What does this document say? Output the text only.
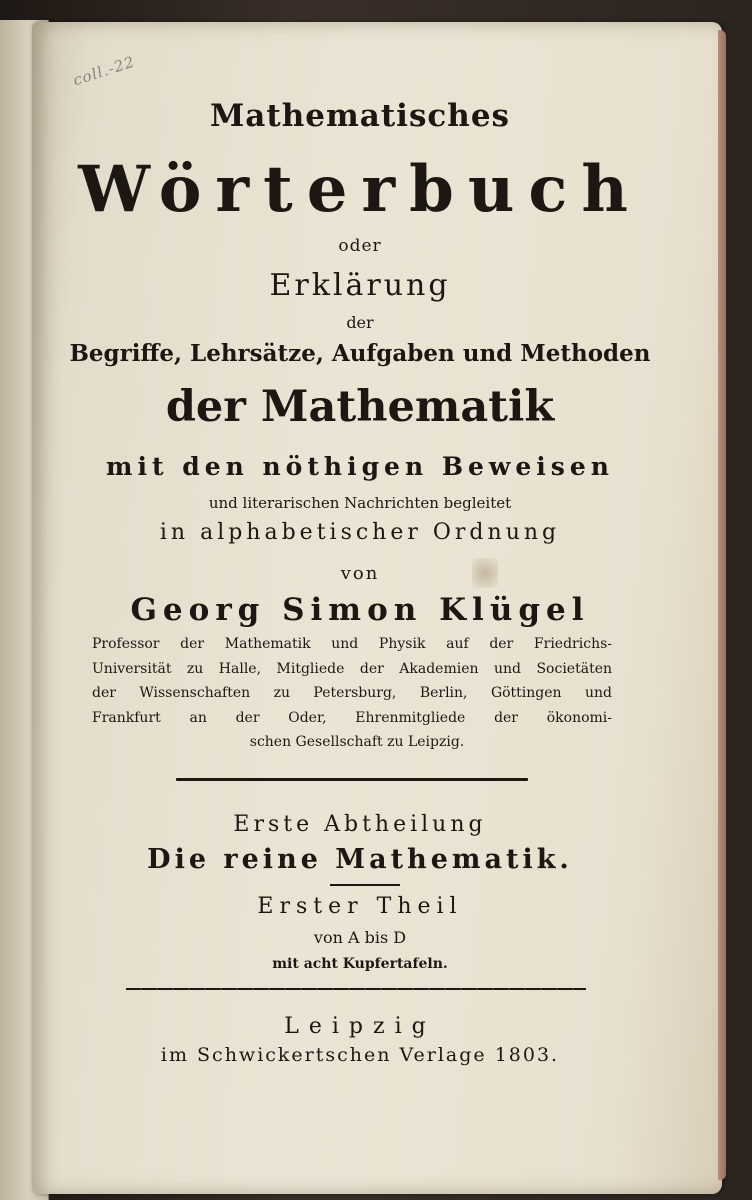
coll.-22
Mathematisches
Wörterbuch
oder
Erklärung
der
Begriffe, Lehrsätze, Aufgaben und Methoden
der Mathematik
mit den nöthigen Beweisen
und literarischen Nachrichten begleitet
in alphabetischer Ordnung
von
Georg Simon Klügel
Professor der Mathematik und Physik auf der Friedrichs-
Universität zu Halle, Mitgliede der Akademien und Societäten
der Wissenschaften zu Petersburg, Berlin, Göttingen und
Frankfurt an der Oder, Ehrenmitgliede der ökonomi-
schen Gesellschaft zu Leipzig.
Erste Abtheilung
Die reine Mathematik.
Erster Theil
von A bis D
mit acht Kupfertafeln.
Leipzig
im Schwickertschen Verlage 1803.
